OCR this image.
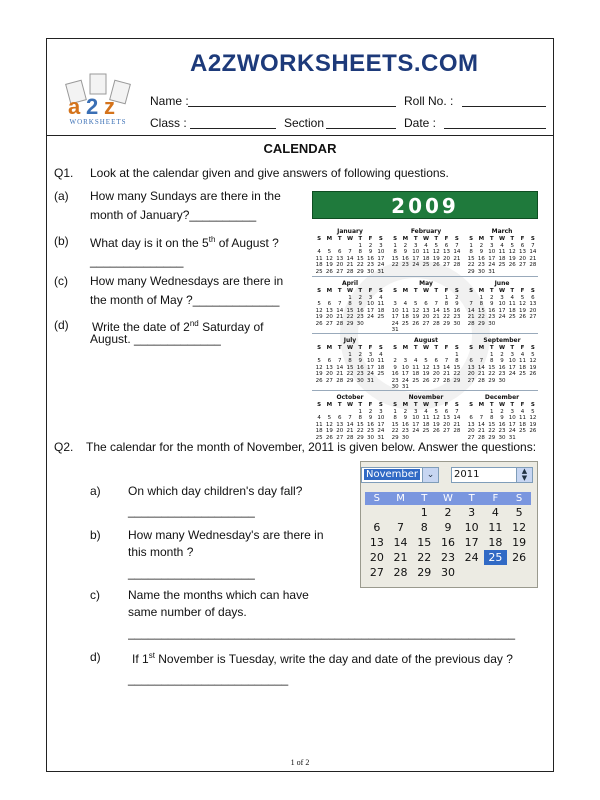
a 2 z
WORKSHEETS
A2ZWORKSHEETS.COM
Name :	Roll No. :
Class :	Section	Date :
CALENDAR
Q1. Look at the calendar given and give answers of following questions.
(a) How many Sundays are there in the
month of January?__________
(b) What day is it on the 5th of August ?
______________
(c) How many Wednesdays are there in
the month of May ?_____________
(d) Write the date of 2nd Saturday of
August. _____________
2009
January
S	M	T	W	T	F	S
				1	2	3
4	5	6	7	8	9	10
11	12	13	14	15	16	17
18	19	20	21	22	23	24
25	26	27	28	29	30	31
February
S	M	T	W	T	F	S
1	2	3	4	5	6	7
8	9	10	11	12	13	14
15	16	17	18	19	20	21
22	23	24	25	26	27	28
March
S	M	T	W	T	F	S
1	2	3	4	5	6	7
8	9	10	11	12	13	14
15	16	17	18	19	20	21
22	23	24	25	26	27	28
29	30	31				
April
S	M	T	W	T	F	S
			1	2	3	4
5	6	7	8	9	10	11
12	13	14	15	16	17	18
19	20	21	22	23	24	25
26	27	28	29	30		
May
S	M	T	W	T	F	S
					1	2
3	4	5	6	7	8	9
10	11	12	13	14	15	16
17	18	19	20	21	22	23
24	25	26	27	28	29	30
31						
June
S	M	T	W	T	F	S
	1	2	3	4	5	6
7	8	9	10	11	12	13
14	15	16	17	18	19	20
21	22	23	24	25	26	27
28	29	30				
July
S	M	T	W	T	F	S
			1	2	3	4
5	6	7	8	9	10	11
12	13	14	15	16	17	18
19	20	21	22	23	24	25
26	27	28	29	30	31	
August
S	M	T	W	T	F	S
						1
2	3	4	5	6	7	8
9	10	11	12	13	14	15
16	17	18	19	20	21	22
23	24	25	26	27	28	29
30	31					
September
S	M	T	W	T	F	S
		1	2	3	4	5
6	7	8	9	10	11	12
13	14	15	16	17	18	19
20	21	22	23	24	25	26
27	28	29	30			
October
S	M	T	W	T	F	S
				1	2	3
4	5	6	7	8	9	10
11	12	13	14	15	16	17
18	19	20	21	22	23	24
25	26	27	28	29	30	31
November
S	M	T	W	T	F	S
1	2	3	4	5	6	7
8	9	10	11	12	13	14
15	16	17	18	19	20	21
22	23	24	25	26	27	28
29	30					
December
S	M	T	W	T	F	S
		1	2	3	4	5
6	7	8	9	10	11	12
13	14	15	16	17	18	19
20	21	22	23	24	25	26
27	28	29	30	31		
Q2. The calendar for the month of November, 2011 is given below. Answer the questions:
a) On which day children's day fall?
___________________
b) How many Wednesday's are there in
this month ?
___________________
c) Name the months which can have
same number of days.
__________________________________________________________
d)	If 1st November is Tuesday, write the day and date of the previous day ?
________________________
November ⌄	2011	▲
▼
S	M	T	W	T	F	S
		1	2	3	4	5
6	7	8	9	10	11	12
13	14	15	16	17	18	19
20	21	22	23	24	25	26
27	28	29	30			
1 of 2
